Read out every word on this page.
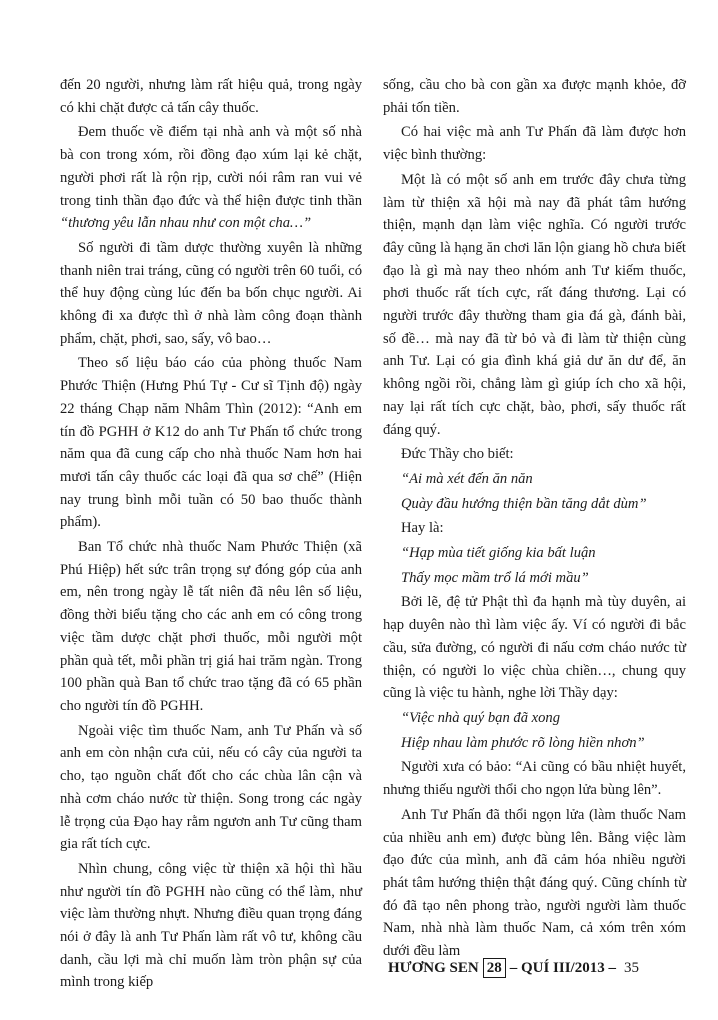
đến 20 người, nhưng làm rất hiệu quả, trong ngày có khi chặt được cả tấn cây thuốc.

Đem thuốc về điểm tại nhà anh và một số nhà bà con trong xóm, rồi đồng đạo xúm lại kẻ chặt, người phơi rất là rộn rịp, cười nói râm ran vui vẻ trong tinh thần đạo đức và thể hiện được tinh thần “thương yêu lẫn nhau như con một cha…”

Số người đi tầm dược thường xuyên là những thanh niên trai tráng, cũng có người trên 60 tuổi, có thể huy động cùng lúc đến ba bốn chục người. Ai không đi xa được thì ở nhà làm công đoạn thành phẩm, chặt, phơi, sao, sấy, vô bao…

Theo số liệu báo cáo của phòng thuốc Nam Phước Thiện (Hưng Phú Tự - Cư sĩ Tịnh độ) ngày 22 tháng Chạp năm Nhâm Thìn (2012): “Anh em tín đồ PGHH ở K12 do anh Tư Phấn tổ chức trong năm qua đã cung cấp cho nhà thuốc Nam hơn hai mươi tấn cây thuốc các loại đã qua sơ chế” (Hiện nay trung bình mỗi tuần có 50 bao thuốc thành phẩm).

Ban Tổ chức nhà thuốc Nam Phước Thiện (xã Phú Hiệp) hết sức trân trọng sự đóng góp của anh em, nên trong ngày lễ tất niên đã nêu lên số liệu, đồng thời biểu tặng cho các anh em có công trong việc tầm dược chặt phơi thuốc, mỗi người một phần quà tết, mỗi phần trị giá hai trăm ngàn. Trong 100 phần quà Ban tổ chức trao tặng đã có 65 phần cho người tín đồ PGHH.

Ngoài việc tìm thuốc Nam, anh Tư Phấn và số anh em còn nhận cưa củi, nếu có cây của người ta cho, tạo nguồn chất đốt cho các chùa lân cận và nhà cơm cháo nước từ thiện. Song trong các ngày lễ trọng của Đạo hay rằm ngươn anh Tư cũng tham gia rất tích cực.

Nhìn chung, công việc từ thiện xã hội thì hầu như người tín đồ PGHH nào cũng có thể làm, như việc làm thường nhựt. Nhưng điều quan trọng đáng nói ở đây là anh Tư Phấn làm rất vô tư, không cầu danh, cầu lợi mà chỉ muốn làm tròn phận sự của mình trong kiếp

sống, cầu cho bà con gần xa được mạnh khỏe, đỡ phải tốn tiền.

Có hai việc mà anh Tư Phấn đã làm được hơn việc bình thường:

Một là có một số anh em trước đây chưa từng làm từ thiện xã hội mà nay đã phát tâm hướng thiện, mạnh dạn làm việc nghĩa. Có người trước đây cũng là hạng ăn chơi lăn lộn giang hồ chưa biết đạo là gì mà nay theo nhóm anh Tư kiếm thuốc, phơi thuốc rất tích cực, rất đáng thương. Lại có người trước đây thường tham gia đá gà, đánh bài, số đề… mà nay đã từ bỏ và đi làm từ thiện cùng anh Tư. Lại có gia đình khá giả dư ăn dư để, ăn không ngồi rồi, chẳng làm gì giúp ích cho xã hội, nay lại rất tích cực chặt, bào, phơi, sấy thuốc rất đáng quý.

Đức Thầy cho biết:

“Ai mà xét đến ăn năn

Quày đầu hướng thiện bần tăng dắt dùm”

Hay là:

“Hạp mùa tiết giống kia bất luận

Thấy mọc mầm trổ lá mới mầu”

Bởi lẽ, đệ tử Phật thì đa hạnh mà tùy duyên, ai hạp duyên nào thì làm việc ấy. Ví có người đi bắc cầu, sửa đường, có người đi nấu cơm cháo nước từ thiện, có người lo việc chùa chiền…, chung quy cũng là việc tu hành, nghe lời Thầy dạy:

“Việc nhà quý bạn đã xong

Hiệp nhau làm phước rõ lòng hiền nhơn”

Người xưa có bảo: “Ai cũng có bầu nhiệt huyết, nhưng thiếu người thổi cho ngọn lửa bùng lên”.

Anh Tư Phấn đã thổi ngọn lửa (làm thuốc Nam của nhiều anh em) được bùng lên. Bằng việc làm đạo đức của mình, anh đã cảm hóa nhiều người phát tâm hướng thiện thật đáng quý. Cũng chính từ đó đã tạo nên phong trào, người người làm thuốc Nam, nhà nhà làm thuốc Nam, cả xóm trên xóm dưới đều làm

HƯƠNG SEN 28 – QUÍ III/2013 – 35
